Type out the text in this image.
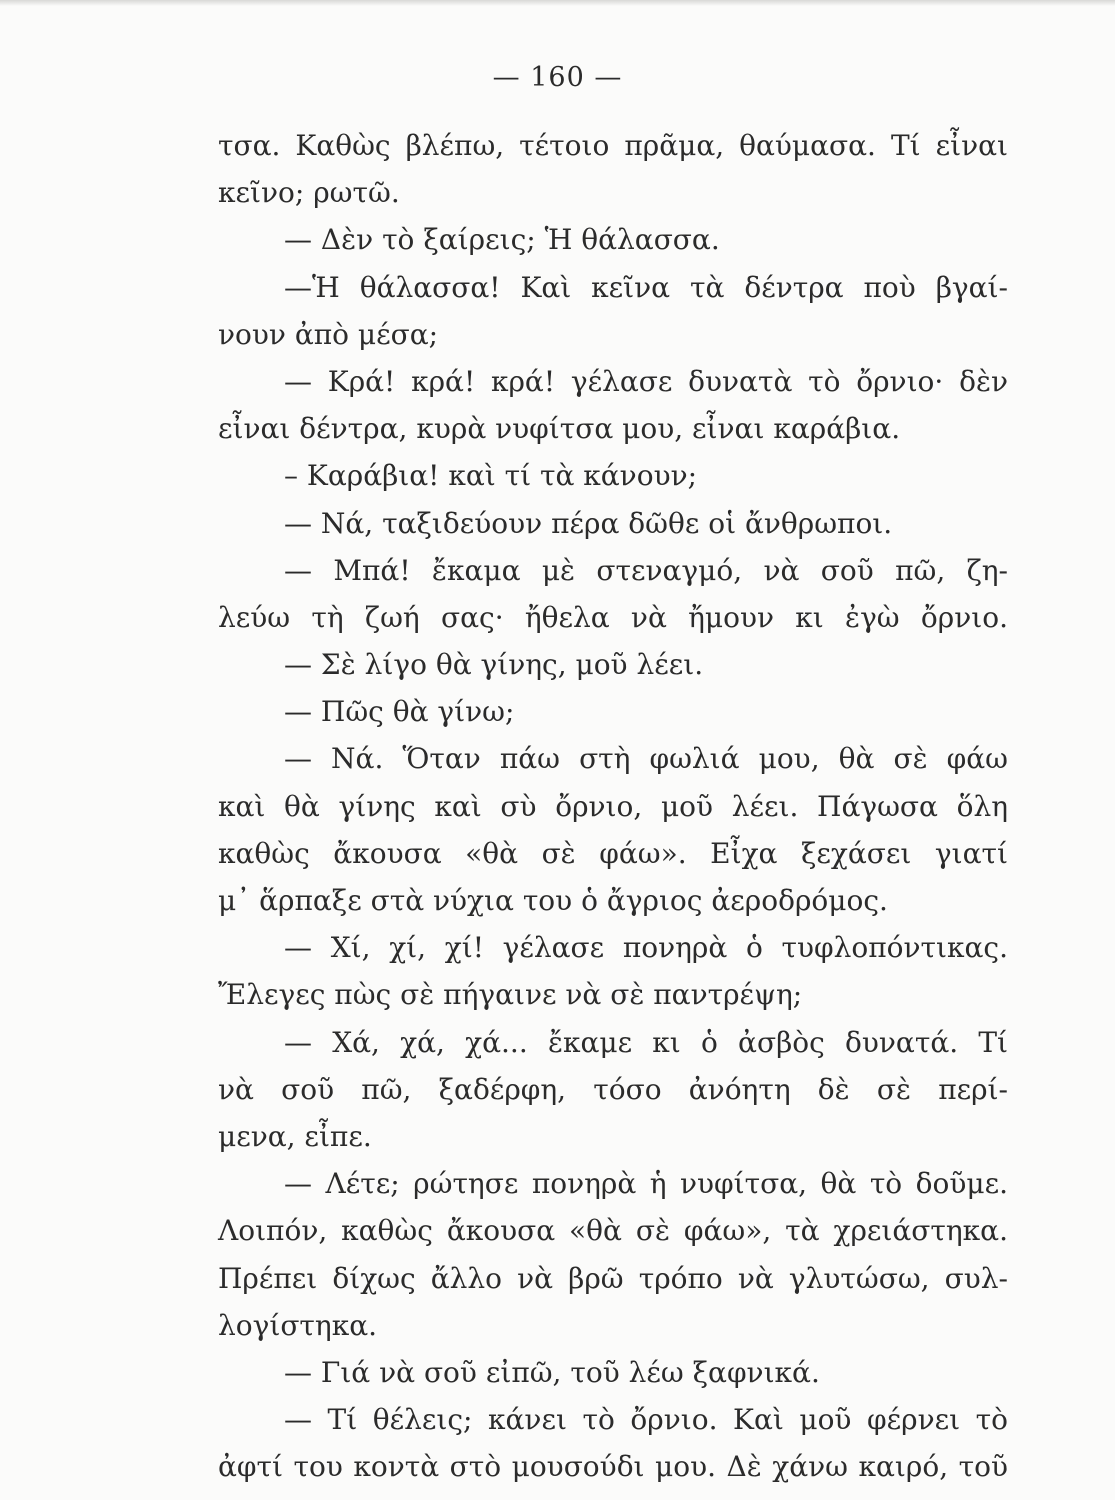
— 160 —
τσα. Καθὼς βλέπω, τέτοιο πρᾶμα, θαύμασα. Τί εἶναι
κεῖνο; ρωτῶ.
— Δὲν τὸ ξαίρεις; Ἡ θάλασσα.
—Ἡ θάλασσα! Καὶ κεῖνα τὰ δέντρα ποὺ βγαί-
νουν ἀπὸ μέσα;
— Κρά! κρά! κρά! γέλασε δυνατὰ τὸ ὄρνιο· δὲν
εἶναι δέντρα, κυρὰ νυφίτσα μου, εἶναι καράβια.
– Καράβια! καὶ τί τὰ κάνουν;
— Νά, ταξιδεύουν πέρα δῶθε οἱ ἄνθρωποι.
— Μπά! ἔκαμα μὲ στεναγμό, νὰ σοῦ πῶ, ζη-
λεύω τὴ ζωή σας· ἤθελα νὰ ἤμουν κι ἐγὼ ὄρνιο.
— Σὲ λίγο θὰ γίνης, μοῦ λέει.
— Πῶς θὰ γίνω;
— Νά. Ὅταν πάω στὴ φωλιά μου, θὰ σὲ φάω
καὶ θὰ γίνης καὶ σὺ ὄρνιο, μοῦ λέει. Πάγωσα ὅλη
καθὼς ἄκουσα «θὰ σὲ φάω». Εἶχα ξεχάσει γιατί
μ᾽ ἅρπαξε στὰ νύχια του ὁ ἄγριος ἀεροδρόμος.
— Χί, χί, χί! γέλασε πονηρὰ ὁ τυφλοπόντικας.
Ἔλεγες πὼς σὲ πήγαινε νὰ σὲ παντρέψη;
— Χά, χά, χά... ἔκαμε κι ὁ ἀσβὸς δυνατά. Τί
νὰ σοῦ πῶ, ξαδέρφη, τόσο ἀνόητη δὲ σὲ περί-
μενα, εἶπε.
— Λέτε; ρώτησε πονηρὰ ἡ νυφίτσα, θὰ τὸ δοῦμε.
Λοιπόν, καθὼς ἄκουσα «θὰ σὲ φάω», τὰ χρειάστηκα.
Πρέπει δίχως ἄλλο νὰ βρῶ τρόπο νὰ γλυτώσω, συλ-
λογίστηκα.
— Γιά νὰ σοῦ εἰπῶ, τοῦ λέω ξαφνικά.
— Τί θέλεις; κάνει τὸ ὄρνιο. Καὶ μοῦ φέρνει τὸ
ἀφτί του κοντὰ στὸ μουσούδι μου. Δὲ χάνω καιρό, τοῦ
